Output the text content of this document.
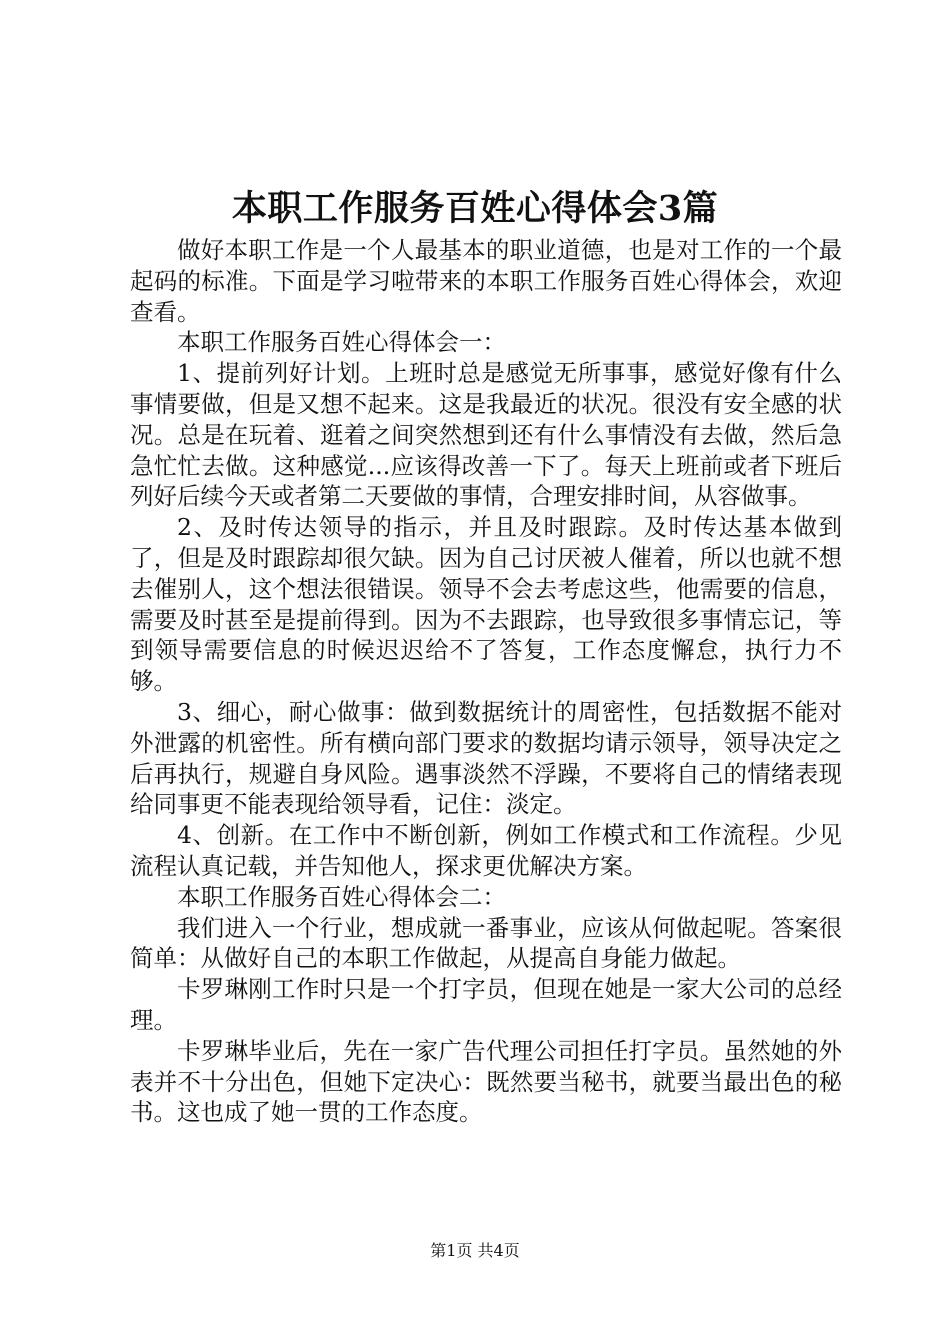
本职工作服务百姓心得体会3篇

做好本职工作是一个人最基本的职业道德，也是对工作的一个最起码的标准。下面是学习啦带来的本职工作服务百姓心得体会，欢迎查看。

本职工作服务百姓心得体会一：

1、提前列好计划。上班时总是感觉无所事事，感觉好像有什么事情要做，但是又想不起来。这是我最近的状况。很没有安全感的状况。总是在玩着、逛着之间突然想到还有什么事情没有去做，然后急急忙忙去做。这种感觉...应该得改善一下了。每天上班前或者下班后列好后续今天或者第二天要做的事情，合理安排时间，从容做事。

2、及时传达领导的指示，并且及时跟踪。及时传达基本做到了，但是及时跟踪却很欠缺。因为自己讨厌被人催着，所以也就不想去催别人，这个想法很错误。领导不会去考虑这些，他需要的信息，需要及时甚至是提前得到。因为不去跟踪，也导致很多事情忘记，等到领导需要信息的时候迟迟给不了答复，工作态度懈怠，执行力不够。

3、细心，耐心做事：做到数据统计的周密性，包括数据不能对外泄露的机密性。所有横向部门要求的数据均请示领导，领导决定之后再执行，规避自身风险。遇事淡然不浮躁，不要将自己的情绪表现给同事更不能表现给领导看，记住：淡定。

4、创新。在工作中不断创新，例如工作模式和工作流程。少见流程认真记载，并告知他人，探求更优解决方案。

本职工作服务百姓心得体会二：

我们进入一个行业，想成就一番事业，应该从何做起呢。答案很简单：从做好自己的本职工作做起，从提高自身能力做起。

卡罗琳刚工作时只是一个打字员，但现在她是一家大公司的总经理。

卡罗琳毕业后，先在一家广告代理公司担任打字员。虽然她的外表并不十分出色，但她下定决心：既然要当秘书，就要当最出色的秘书。这也成了她一贯的工作态度。

第1页 共4页
